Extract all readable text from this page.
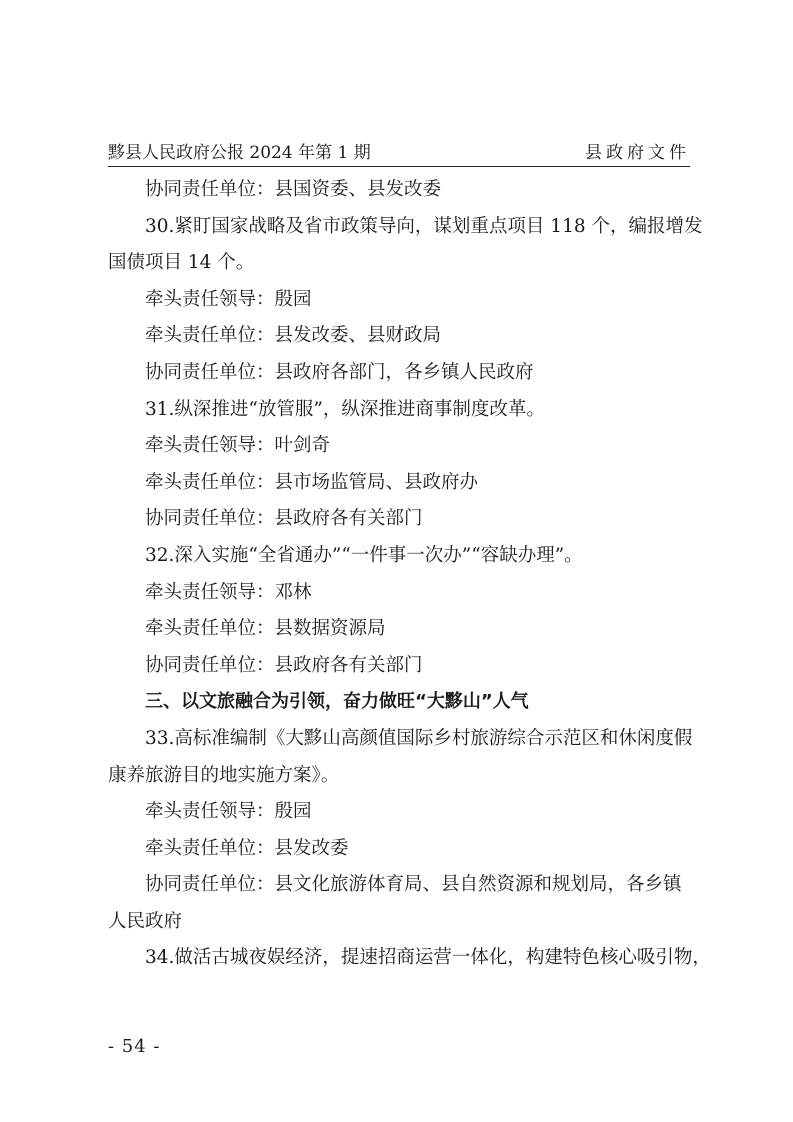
黟县人民政府公报 2024 年第 1 期	县政府文件
协同责任单位：县国资委、县发改委
30.紧盯国家战略及省市政策导向，谋划重点项目 118 个，编报增发
国债项目 14 个。
牵头责任领导：殷园
牵头责任单位：县发改委、县财政局
协同责任单位：县政府各部门，各乡镇人民政府
31.纵深推进“放管服”，纵深推进商事制度改革。
牵头责任领导：叶剑奇
牵头责任单位：县市场监管局、县政府办
协同责任单位：县政府各有关部门
32.深入实施“全省通办”“一件事一次办”“容缺办理”。
牵头责任领导：邓林
牵头责任单位：县数据资源局
协同责任单位：县政府各有关部门
三、以文旅融合为引领，奋力做旺“大黟山”人气
33.高标准编制《大黟山高颜值国际乡村旅游综合示范区和休闲度假
康养旅游目的地实施方案》。
牵头责任领导：殷园
牵头责任单位：县发改委
协同责任单位：县文化旅游体育局、县自然资源和规划局，各乡镇
人民政府
34.做活古城夜娱经济，提速招商运营一体化，构建特色核心吸引物，
- 54 -
